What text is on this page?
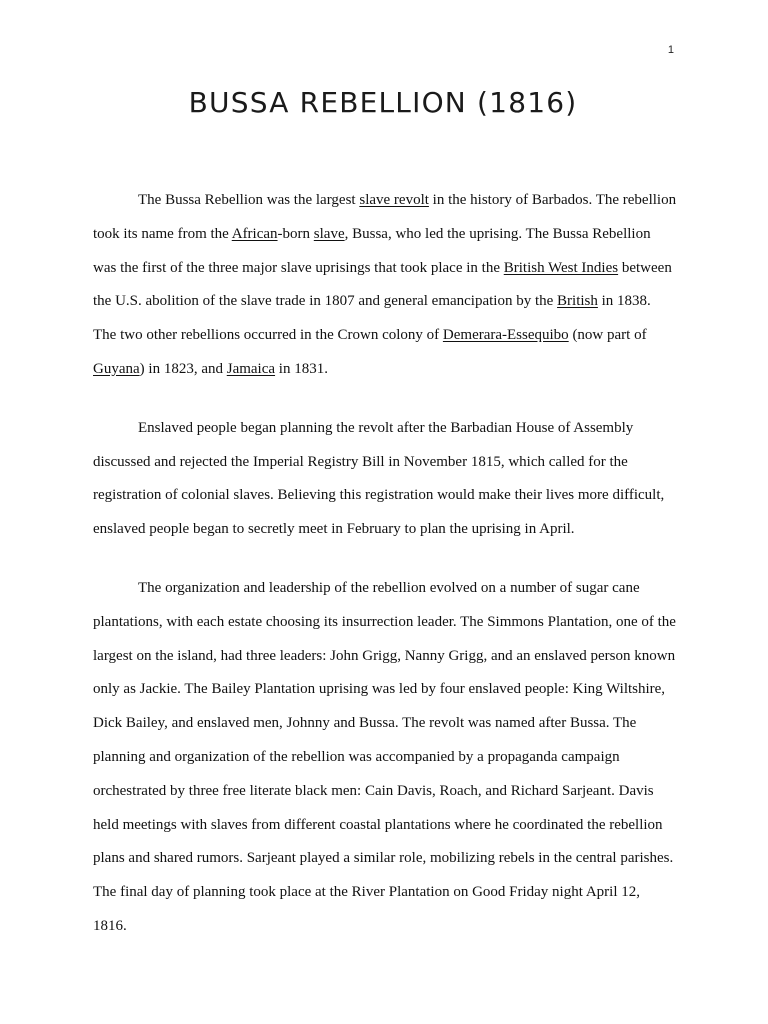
1
BUSSA REBELLION (1816)

The Bussa Rebellion was the largest slave revolt in the history of Barbados. The rebellion took its name from the African-born slave, Bussa, who led the uprising. The Bussa Rebellion was the first of the three major slave uprisings that took place in the British West Indies between the U.S. abolition of the slave trade in 1807 and general emancipation by the British in 1838. The two other rebellions occurred in the Crown colony of Demerara-Essequibo (now part of Guyana) in 1823, and Jamaica in 1831.

Enslaved people began planning the revolt after the Barbadian House of Assembly discussed and rejected the Imperial Registry Bill in November 1815, which called for the registration of colonial slaves. Believing this registration would make their lives more difficult, enslaved people began to secretly meet in February to plan the uprising in April.

The organization and leadership of the rebellion evolved on a number of sugar cane plantations, with each estate choosing its insurrection leader. The Simmons Plantation, one of the largest on the island, had three leaders: John Grigg, Nanny Grigg, and an enslaved person known only as Jackie. The Bailey Plantation uprising was led by four enslaved people: King Wiltshire, Dick Bailey, and enslaved men, Johnny and Bussa. The revolt was named after Bussa. The planning and organization of the rebellion was accompanied by a propaganda campaign orchestrated by three free literate black men: Cain Davis, Roach, and Richard Sarjeant. Davis held meetings with slaves from different coastal plantations where he coordinated the rebellion plans and shared rumors. Sarjeant played a similar role, mobilizing rebels in the central parishes. The final day of planning took place at the River Plantation on Good Friday night April 12, 1816.
